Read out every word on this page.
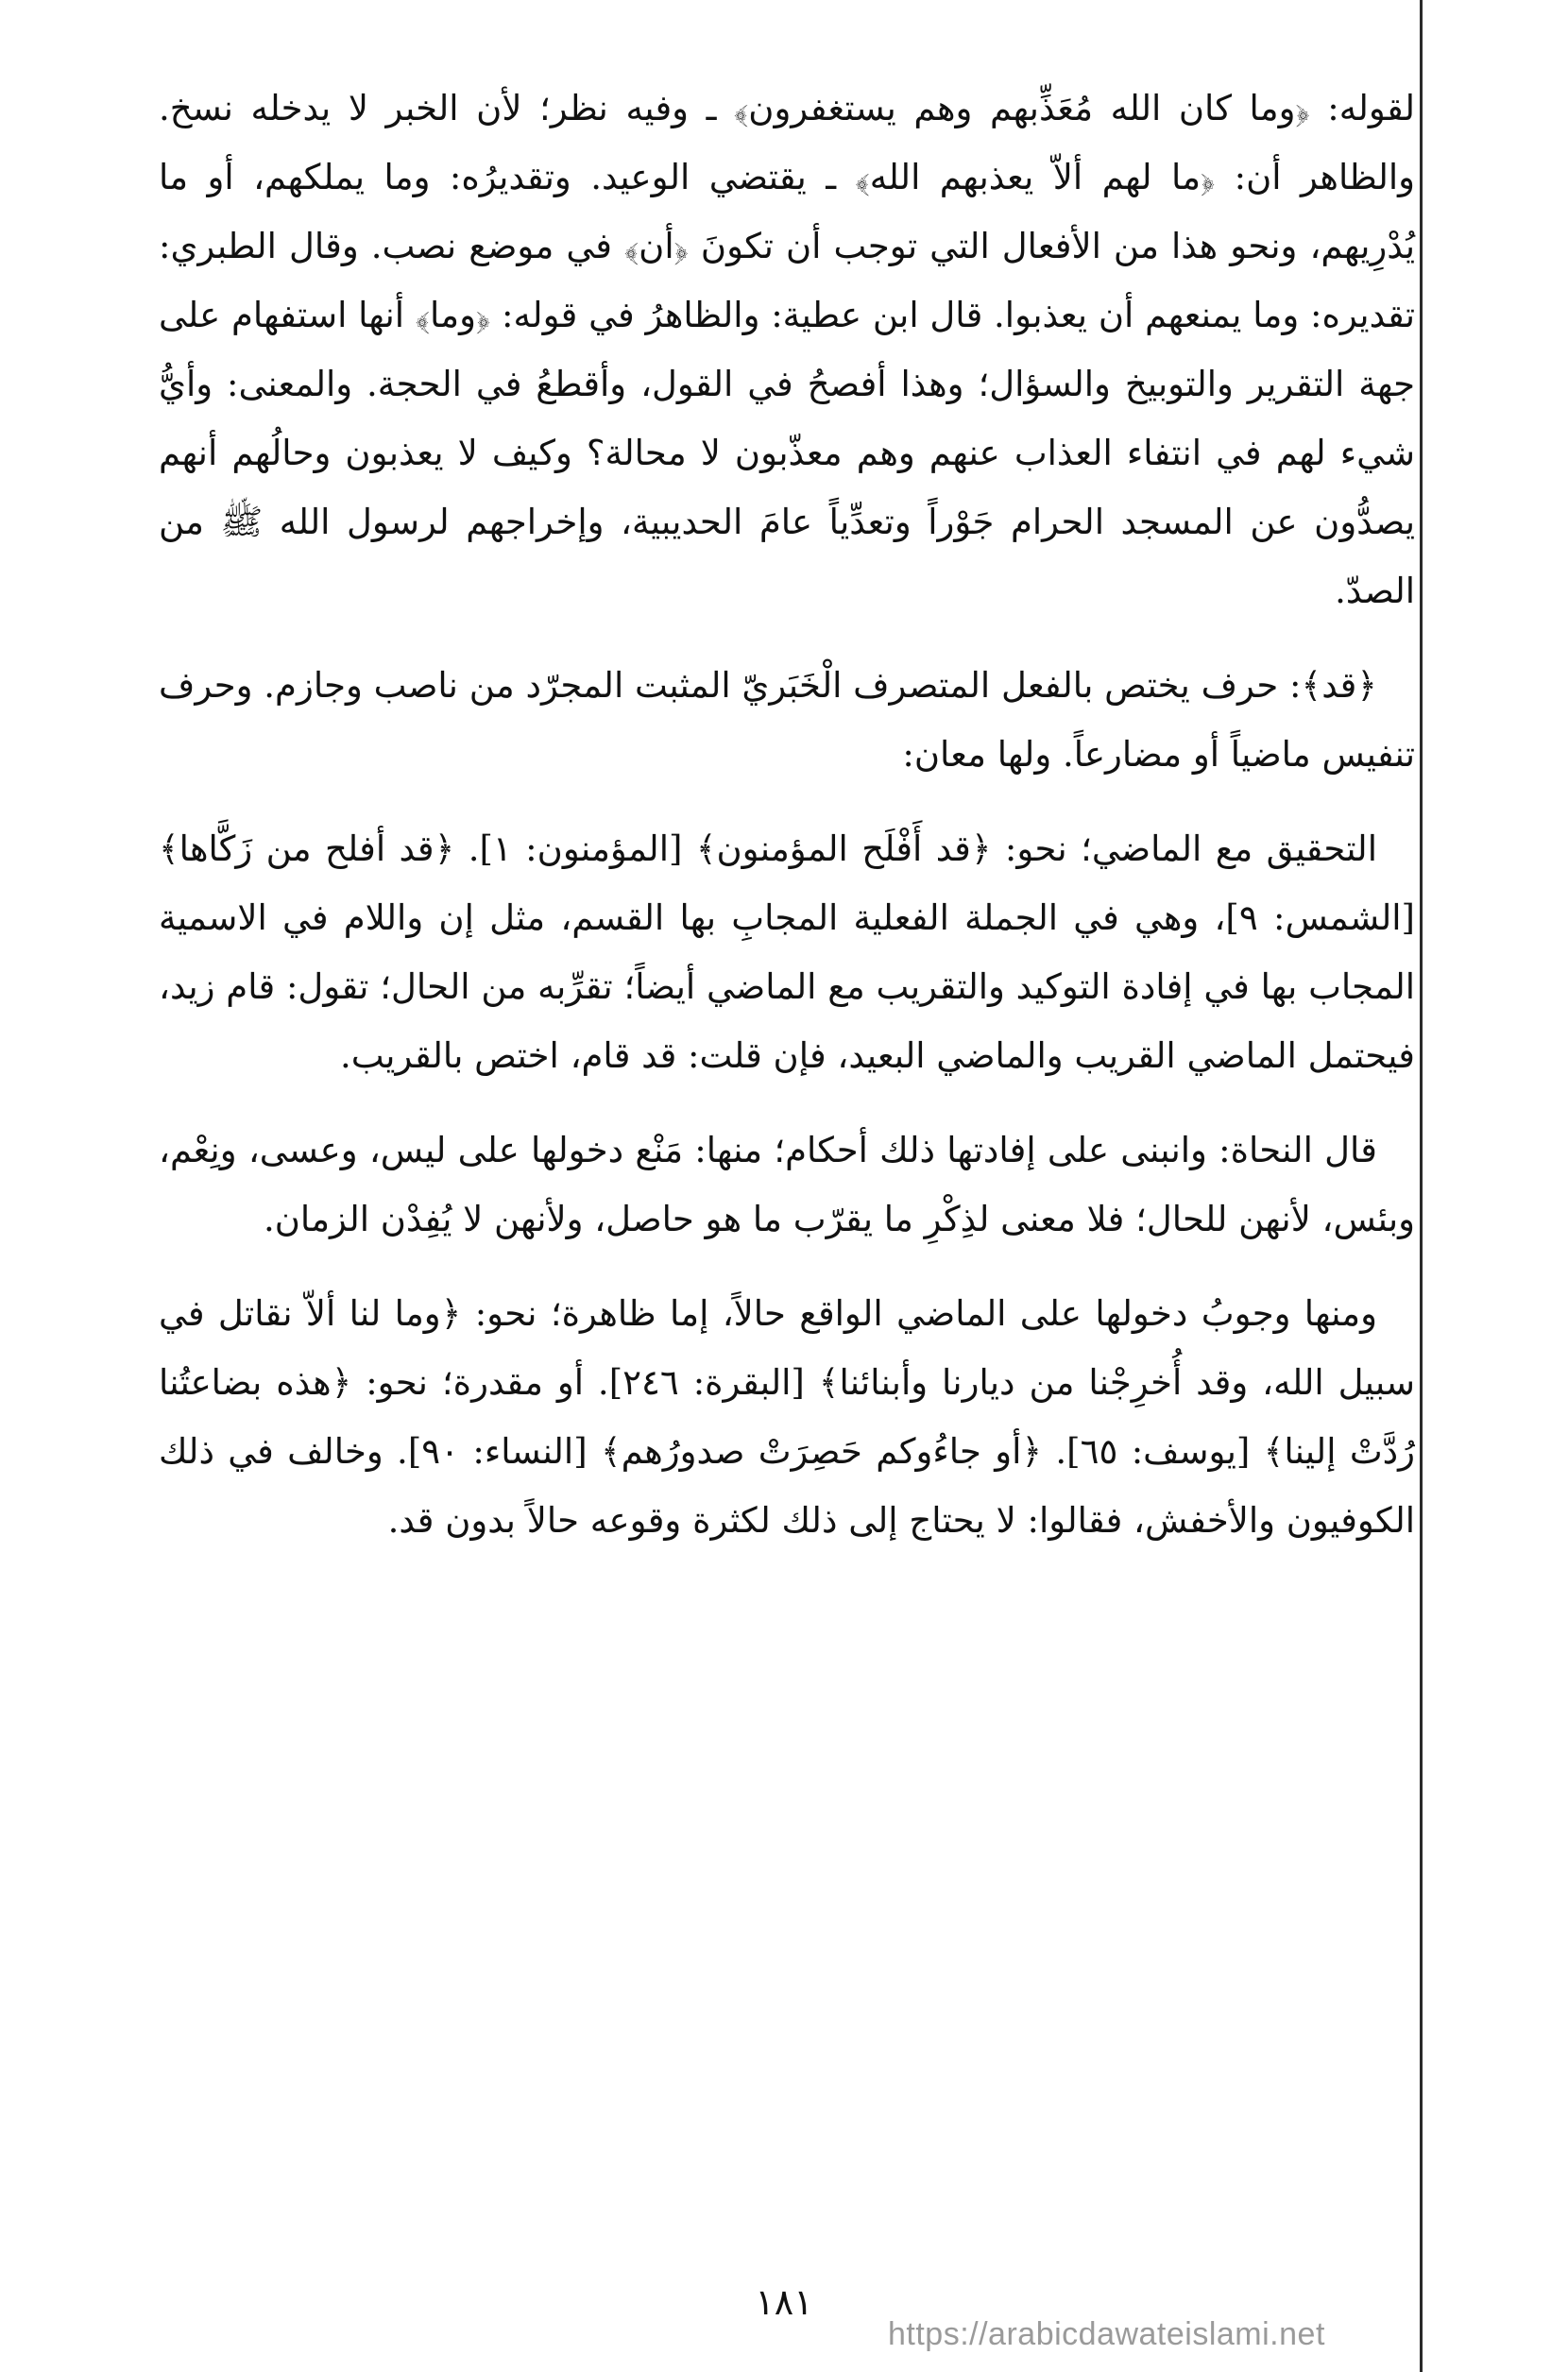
لقوله: ﴿وما كان الله مُعَذِّبهم وهم يستغفرون﴾ ـ وفيه نظر؛ لأن الخبر لا يدخله نسخ. والظاهر أن: ﴿ما لهم ألاّ يعذبهم الله﴾ ـ يقتضي الوعيد. وتقديرُه: وما يملكهم، أو ما يُدْرِيهم، ونحو هذا من الأفعال التي توجب أن تكونَ ﴿أن﴾ في موضع نصب. وقال الطبري: تقديره: وما يمنعهم أن يعذبوا. قال ابن عطية: والظاهرُ في قوله: ﴿وما﴾ أنها استفهام على جهة التقرير والتوبيخ والسؤال؛ وهذا أفصحُ في القول، وأقطعُ في الحجة. والمعنى: وأيُّ شيء لهم في انتفاء العذاب عنهم وهم معذّبون لا محالة؟ وكيف لا يعذبون وحالُهم أنهم يصدُّون عن المسجد الحرام جَوْراً وتعدِّياً عامَ الحديبية، وإخراجهم لرسول الله ﷺ من الصدّ.

﴿قد﴾: حرف يختص بالفعل المتصرف الْخَبَريّ المثبت المجرّد من ناصب وجازم. وحرف تنفيس ماضياً أو مضارعاً. ولها معان:

التحقيق مع الماضي؛ نحو: ﴿قد أَفْلَح المؤمنون﴾ [المؤمنون: ١]. ﴿قد أفلح من زَكَّاها﴾ [الشمس: ٩]، وهي في الجملة الفعلية المجابِ بها القسم، مثل إن واللام في الاسمية المجاب بها في إفادة التوكيد والتقريب مع الماضي أيضاً؛ تقرِّبه من الحال؛ تقول: قام زيد، فيحتمل الماضي القريب والماضي البعيد، فإن قلت: قد قام، اختص بالقريب.

قال النحاة: وانبنى على إفادتها ذلك أحكام؛ منها: مَنْع دخولها على ليس، وعسى، ونِعْم، وبئس، لأنهن للحال؛ فلا معنى لذِكْرِ ما يقرّب ما هو حاصل، ولأنهن لا يُفِدْن الزمان.

ومنها وجوبُ دخولها على الماضي الواقع حالاً، إما ظاهرة؛ نحو: ﴿وما لنا ألاّ نقاتل في سبيل الله، وقد أُخرِجْنا من ديارنا وأبنائنا﴾ [البقرة: ٢٤٦]. أو مقدرة؛ نحو: ﴿هذه بضاعتُنا رُدَّتْ إلينا﴾ [يوسف: ٦٥]. ﴿أو جاءُوكم حَصِرَتْ صدورُهم﴾ [النساء: ٩٠]. وخالف في ذلك الكوفيون والأخفش، فقالوا: لا يحتاج إلى ذلك لكثرة وقوعه حالاً بدون قد.

١٨١
https://arabicdawateislami.net
